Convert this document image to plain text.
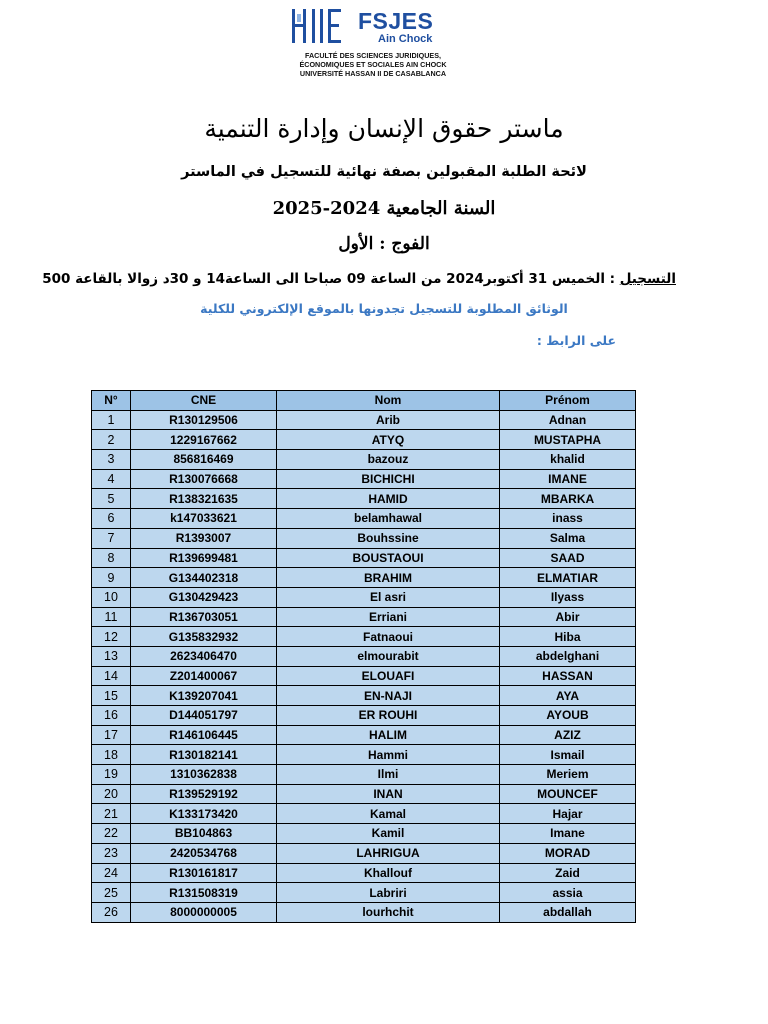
FSJES
Ain Chock
FACULTÉ DES SCIENCES JURIDIQUES,
ÉCONOMIQUES ET SOCIALES AIN CHOCK
UNIVERSITÉ HASSAN II DE CASABLANCA
ماستر حقوق الإنسان وإدارة التنمية
لائحة الطلبة المقبولين بصفة نهائية للتسجيل في الماستر
السنة الجامعية 2024-2025
الفوج : الأول
التسجيل : الخميس 31 أكتوبر2024 من الساعة 09 صباحا الى الساعة14 و 30د زوالا بالقاعة 500
الوثائق المطلوبة للتسجيل تجدونها بالموقع الإلكتروني للكلية
على الرابط :
N°	CNE	Nom	Prénom
1	R130129506	Arib	Adnan
2	1229167662	ATYQ	MUSTAPHA
3	856816469	bazouz	khalid
4	R130076668	BICHICHI	IMANE
5	R138321635	HAMID	MBARKA
6	k147033621	belamhawal	inass
7	R1393007	Bouhssine	Salma
8	R139699481	BOUSTAOUI	SAAD
9	G134402318	BRAHIM	ELMATIAR
10	G130429423	El asri	Ilyass
11	R136703051	Erriani	Abir
12	G135832932	Fatnaoui	Hiba
13	2623406470	elmourabit	abdelghani
14	Z201400067	ELOUAFI	HASSAN
15	K139207041	EN-NAJI	AYA
16	D144051797	ER ROUHI	AYOUB
17	R146106445	HALIM	AZIZ
18	R130182141	Hammi	Ismail
19	1310362838	Ilmi	Meriem
20	R139529192	INAN	MOUNCEF
21	K133173420	Kamal	Hajar
22	BB104863	Kamil	Imane
23	2420534768	LAHRIGUA	MORAD
24	R130161817	Khallouf	Zaid
25	R131508319	Labriri	assia
26	8000000005	lourhchit	abdallah
